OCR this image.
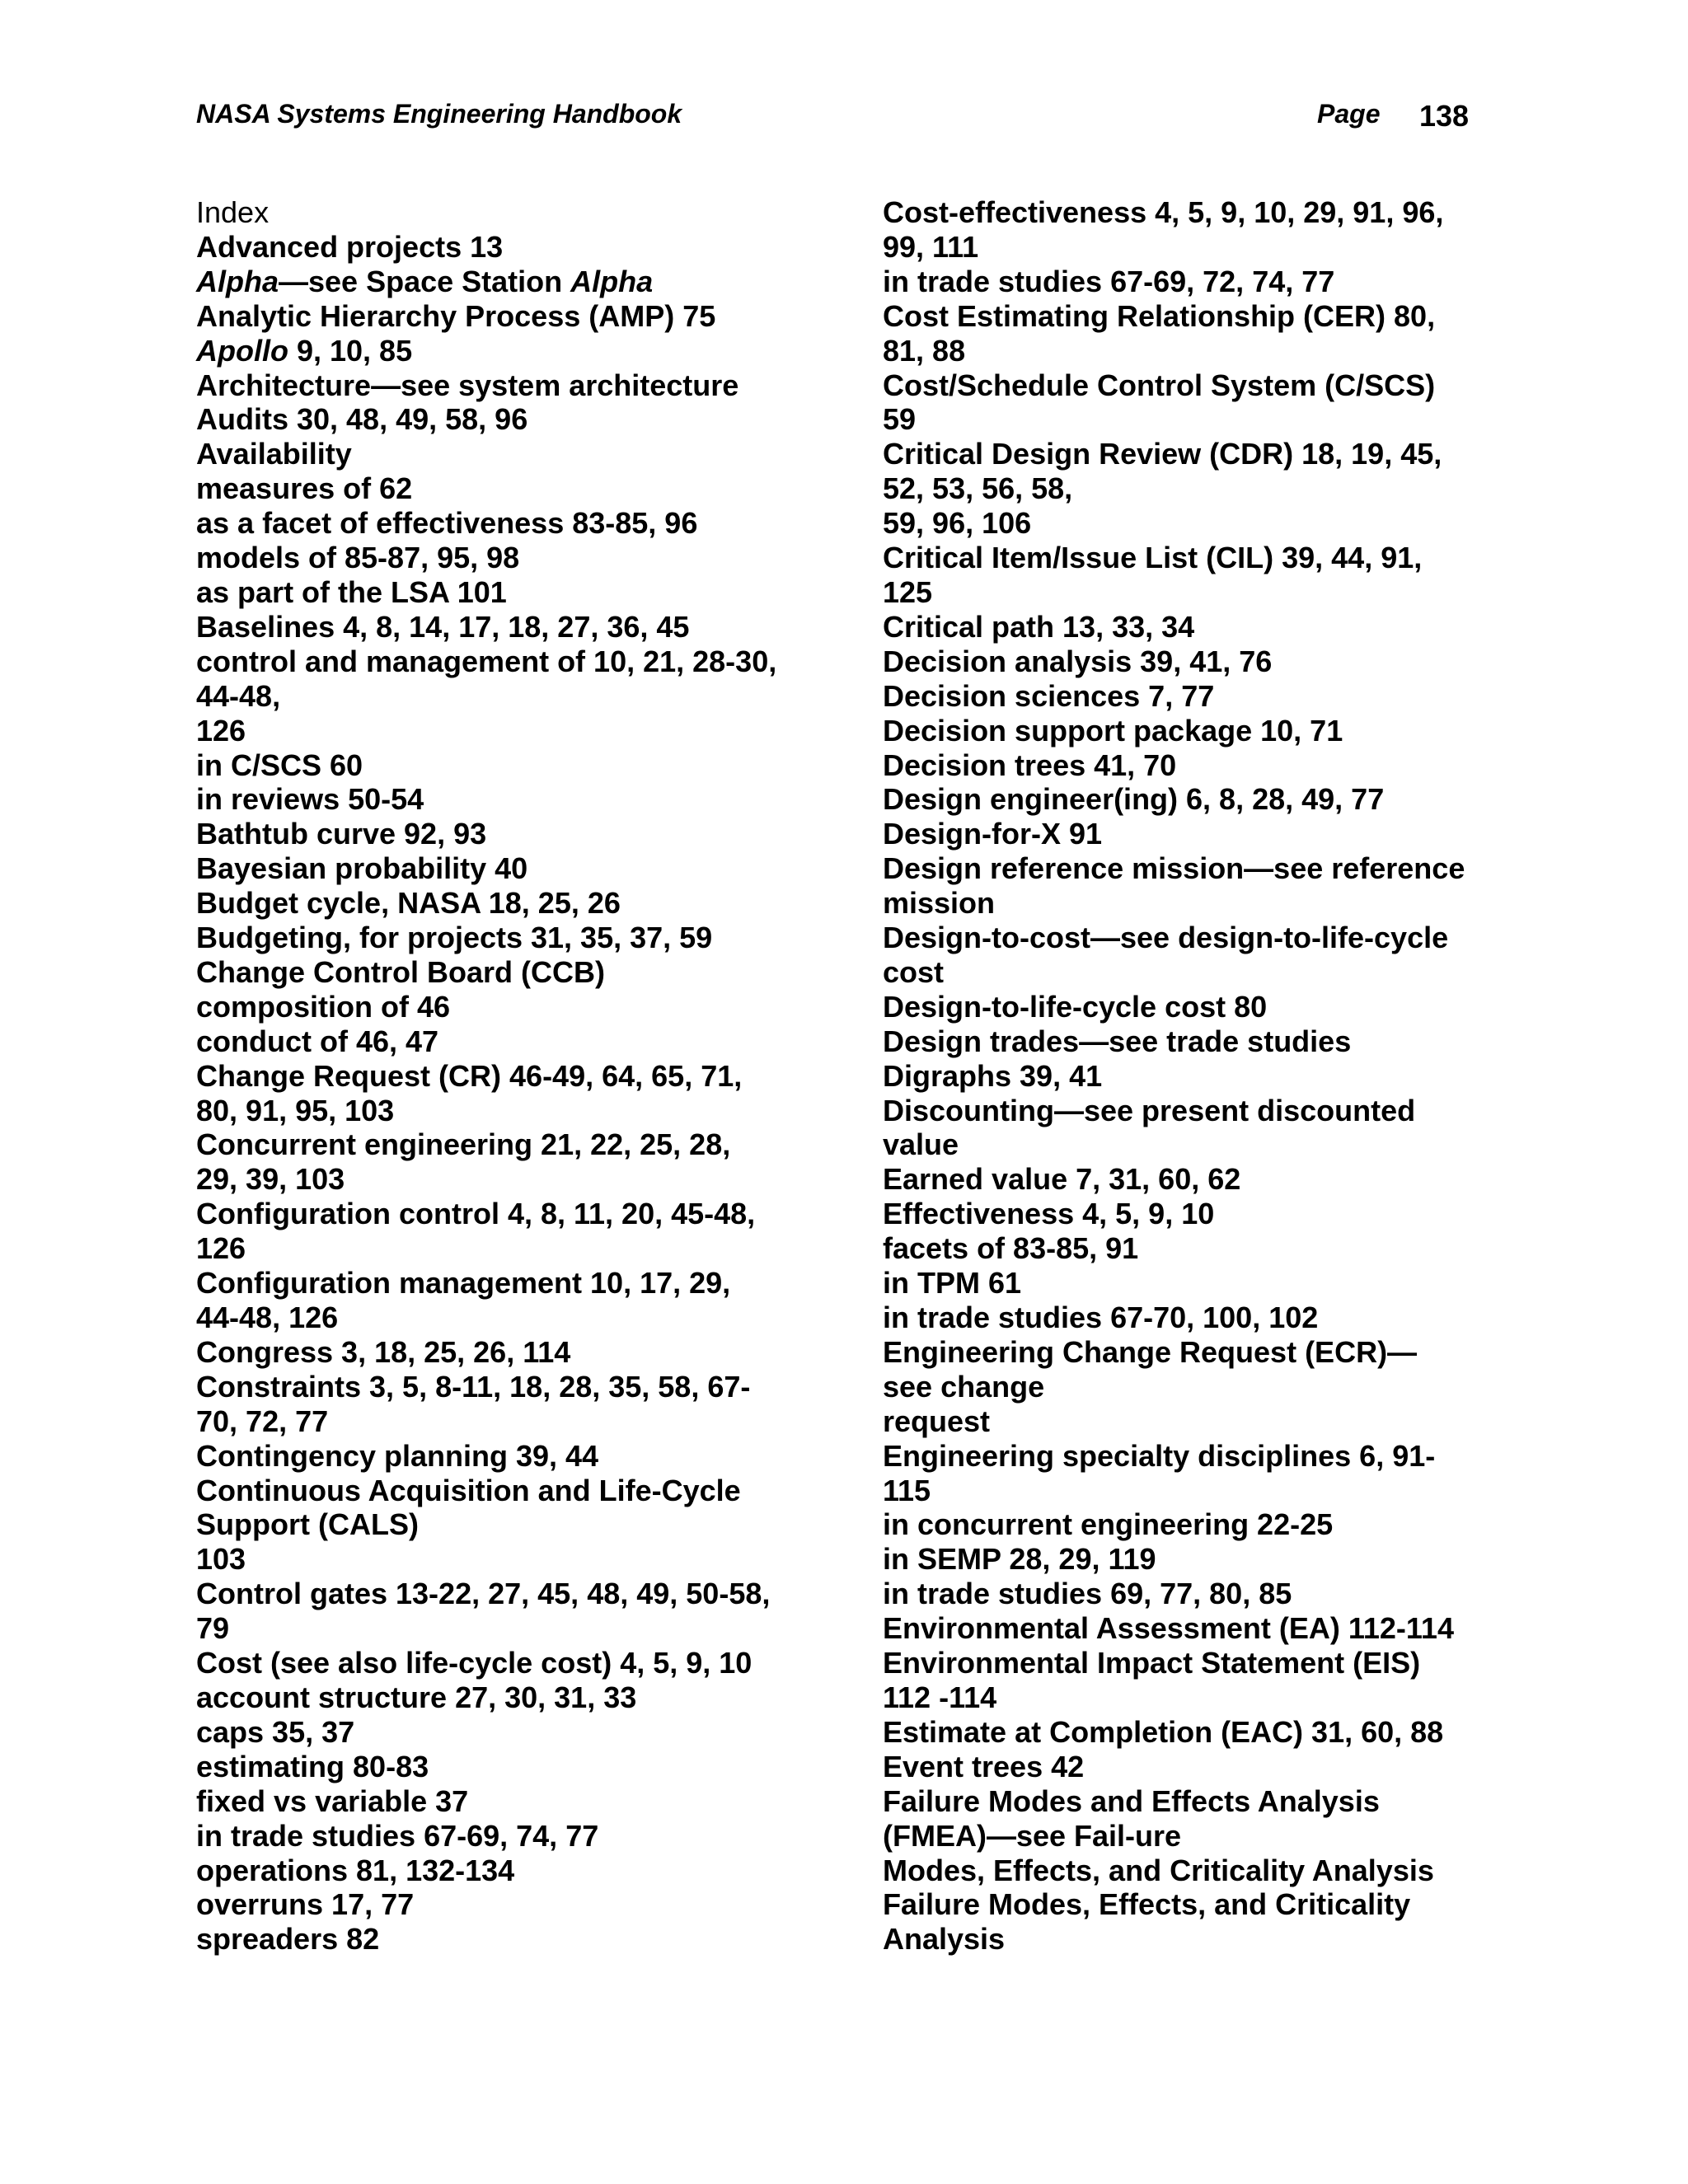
NASA Systems Engineering Handbook	Page 138
Index
Advanced projects 13
Alpha—see Space Station Alpha
Analytic Hierarchy Process (AMP) 75
Apollo 9, 10, 85
Architecture—see system architecture
Audits 30, 48, 49, 58, 96
Availability
measures of 62
as a facet of effectiveness 83-85, 96
models of 85-87, 95, 98
as part of the LSA 101
Baselines 4, 8, 14, 17, 18, 27, 36, 45
control and management of 10, 21, 28-30,
44-48,
126
in C/SCS 60
in reviews 50-54
Bathtub curve 92, 93
Bayesian probability 40
Budget cycle, NASA 18, 25, 26
Budgeting, for projects 31, 35, 37, 59
Change Control Board (CCB)
composition of 46
conduct of 46, 47
Change Request (CR) 46-49, 64, 65, 71,
80, 91, 95, 103
Concurrent engineering 21, 22, 25, 28,
29, 39, 103
Configuration control 4, 8, 11, 20, 45-48,
126
Configuration management 10, 17, 29,
44-48, 126
Congress 3, 18, 25, 26, 114
Constraints 3, 5, 8-11, 18, 28, 35, 58, 67-
70, 72, 77
Contingency planning 39, 44
Continuous Acquisition and Life-Cycle
Support (CALS)
103
Control gates 13-22, 27, 45, 48, 49, 50-58,
79
Cost (see also life-cycle cost) 4, 5, 9, 10
account structure 27, 30, 31, 33
caps 35, 37
estimating 80-83
fixed vs variable 37
in trade studies 67-69, 74, 77
operations 81, 132-134
overruns 17, 77
spreaders 82
Cost-effectiveness 4, 5, 9, 10, 29, 91, 96,
99, 111
in trade studies 67-69, 72, 74, 77
Cost Estimating Relationship (CER) 80,
81, 88
Cost/Schedule Control System (C/SCS)
59
Critical Design Review (CDR) 18, 19, 45,
52, 53, 56, 58,
59, 96, 106
Critical Item/Issue List (CIL) 39, 44, 91,
125
Critical path 13, 33, 34
Decision analysis 39, 41, 76
Decision sciences 7, 77
Decision support package 10, 71
Decision trees 41, 70
Design engineer(ing) 6, 8, 28, 49, 77
Design-for-X 91
Design reference mission—see reference
mission
Design-to-cost—see design-to-life-cycle
cost
Design-to-life-cycle cost 80
Design trades—see trade studies
Digraphs 39, 41
Discounting—see present discounted
value
Earned value 7, 31, 60, 62
Effectiveness 4, 5, 9, 10
facets of 83-85, 91
in TPM 61
in trade studies 67-70, 100, 102
Engineering Change Request (ECR)—
see change
request
Engineering specialty disciplines 6, 91-
115
in concurrent engineering 22-25
in SEMP 28, 29, 119
in trade studies 69, 77, 80, 85
Environmental Assessment (EA) 112-114
Environmental Impact Statement (EIS)
112 -114
Estimate at Completion (EAC) 31, 60, 88
Event trees 42
Failure Modes and Effects Analysis
(FMEA)—see Fail-ure
Modes, Effects, and Criticality Analysis
Failure Modes, Effects, and Criticality
Analysis
